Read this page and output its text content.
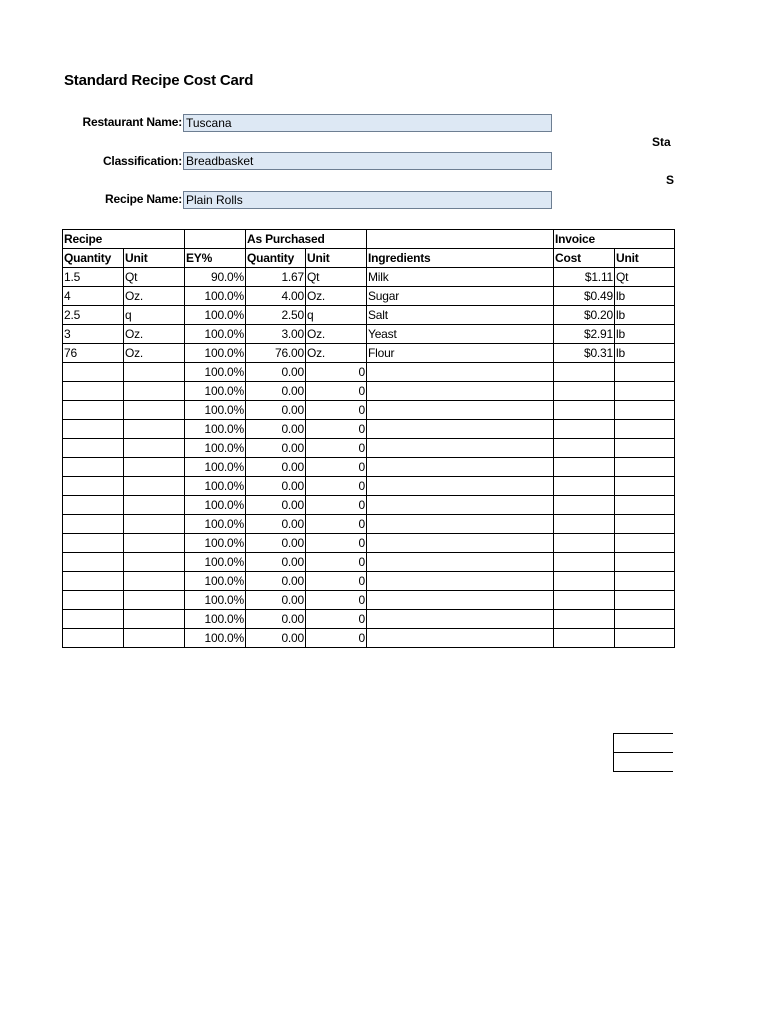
Standard Recipe Cost Card
Restaurant Name: Tuscana
Classification: Breadbasket
Recipe Name: Plain Rolls
Sta
S
Recipe			As Purchased			Invoice	
Quantity	Unit	EY%	Quantity	Unit	Ingredients	Cost	Unit
1.5	Qt	90.0%	1.67	Qt	Milk	$1.11	Qt
4	Oz.	100.0%	4.00	Oz.	Sugar	$0.49	lb
2.5	q	100.0%	2.50	q	Salt	$0.20	lb
3	Oz.	100.0%	3.00	Oz.	Yeast	$2.91	lb
76	Oz.	100.0%	76.00	Oz.	Flour	$0.31	lb
		100.0%	0.00	0			
		100.0%	0.00	0			
		100.0%	0.00	0			
		100.0%	0.00	0			
		100.0%	0.00	0			
		100.0%	0.00	0			
		100.0%	0.00	0			
		100.0%	0.00	0			
		100.0%	0.00	0			
		100.0%	0.00	0			
		100.0%	0.00	0			
		100.0%	0.00	0			
		100.0%	0.00	0			
		100.0%	0.00	0			
		100.0%	0.00	0			
